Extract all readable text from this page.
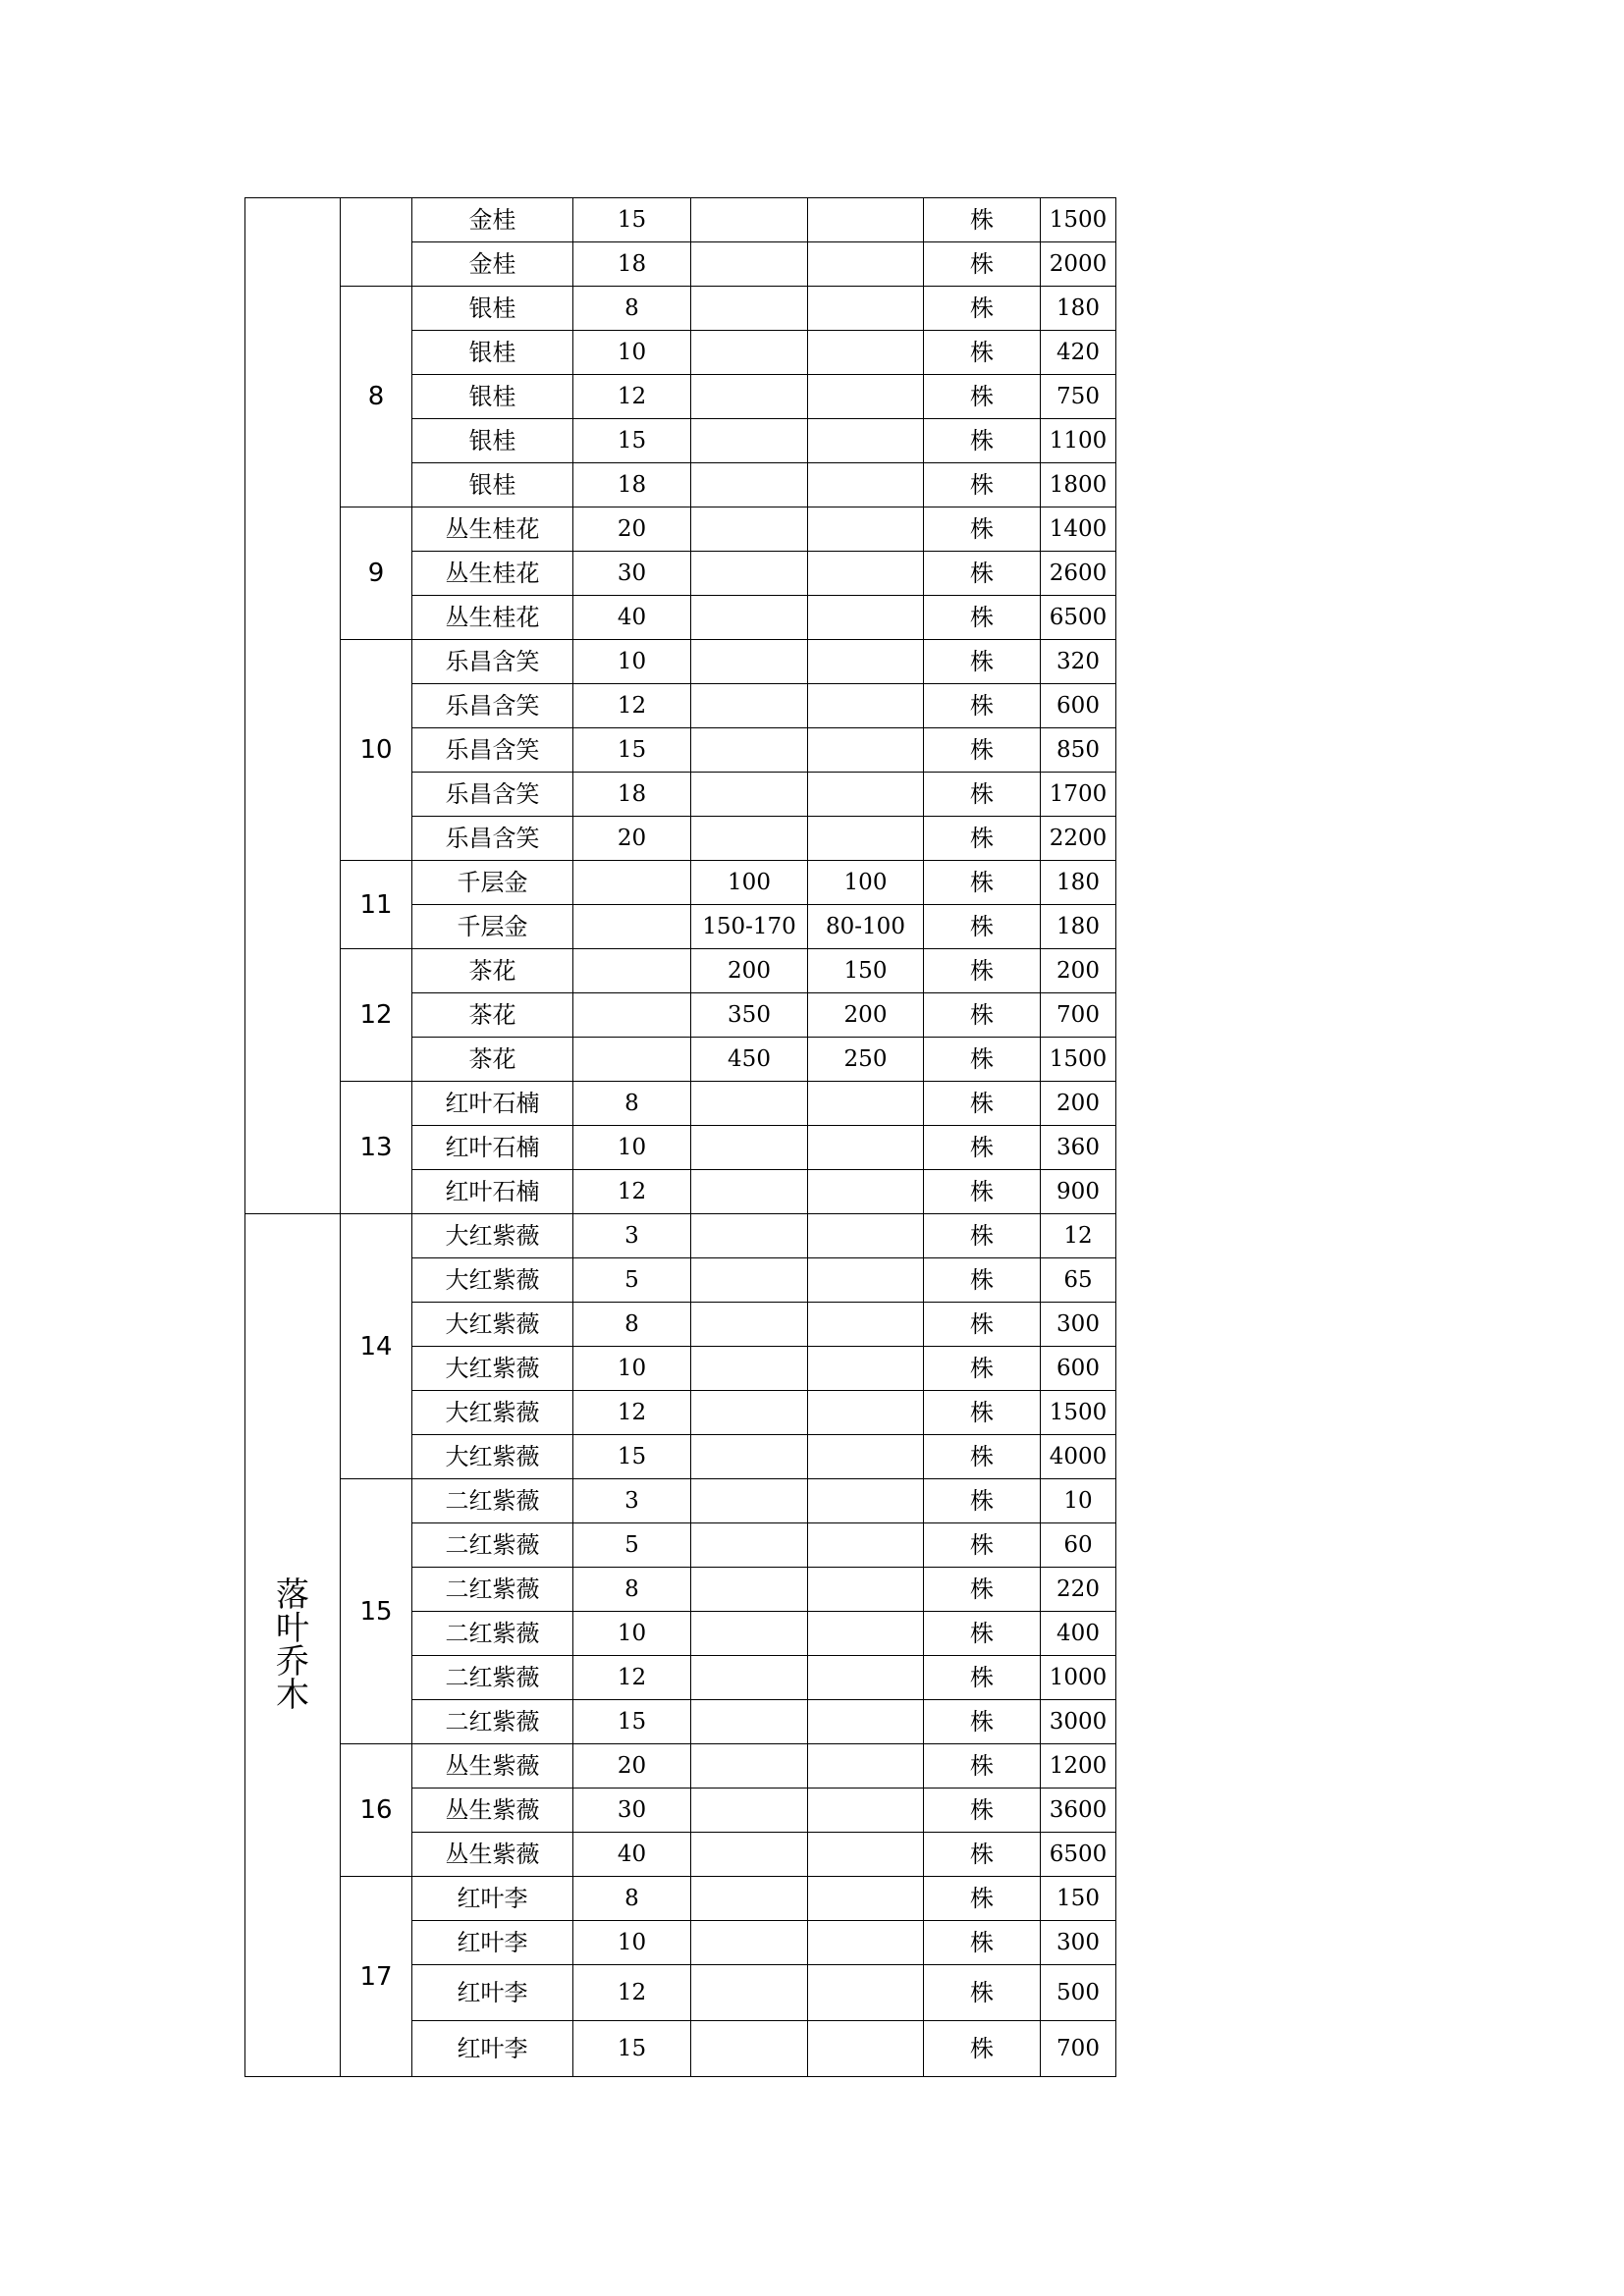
		金桂	15			株	1500
		金桂	18			株	2000
	8	银桂	8			株	180
		银桂	10			株	420
		银桂	12			株	750
		银桂	15			株	1100
		银桂	18			株	1800
	9	丛生桂花	20			株	1400
		丛生桂花	30			株	2600
		丛生桂花	40			株	6500
	10	乐昌含笑	10			株	320
		乐昌含笑	12			株	600
		乐昌含笑	15			株	850
		乐昌含笑	18			株	1700
		乐昌含笑	20			株	2200
	11	千层金		100	100	株	180
		千层金		150-170	80-100	株	180
	12	茶花		200	150	株	200
		茶花		350	200	株	700
		茶花		450	250	株	1500
	13	红叶石楠	8			株	200
		红叶石楠	10			株	360
		红叶石楠	12			株	900

落
叶
乔
木	14	大红紫薇	3			株	12
		大红紫薇	5			株	65
		大红紫薇	8			株	300
		大红紫薇	10			株	600
		大红紫薇	12			株	1500
		大红紫薇	15			株	4000
	15	二红紫薇	3			株	10
		二红紫薇	5			株	60
		二红紫薇	8			株	220
		二红紫薇	10			株	400
		二红紫薇	12			株	1000
		二红紫薇	15			株	3000
	16	丛生紫薇	20			株	1200
		丛生紫薇	30			株	3600
		丛生紫薇	40			株	6500
	17	红叶李	8			株	150
		红叶李	10			株	300
		红叶李	12			株	500
		红叶李	15			株	700
